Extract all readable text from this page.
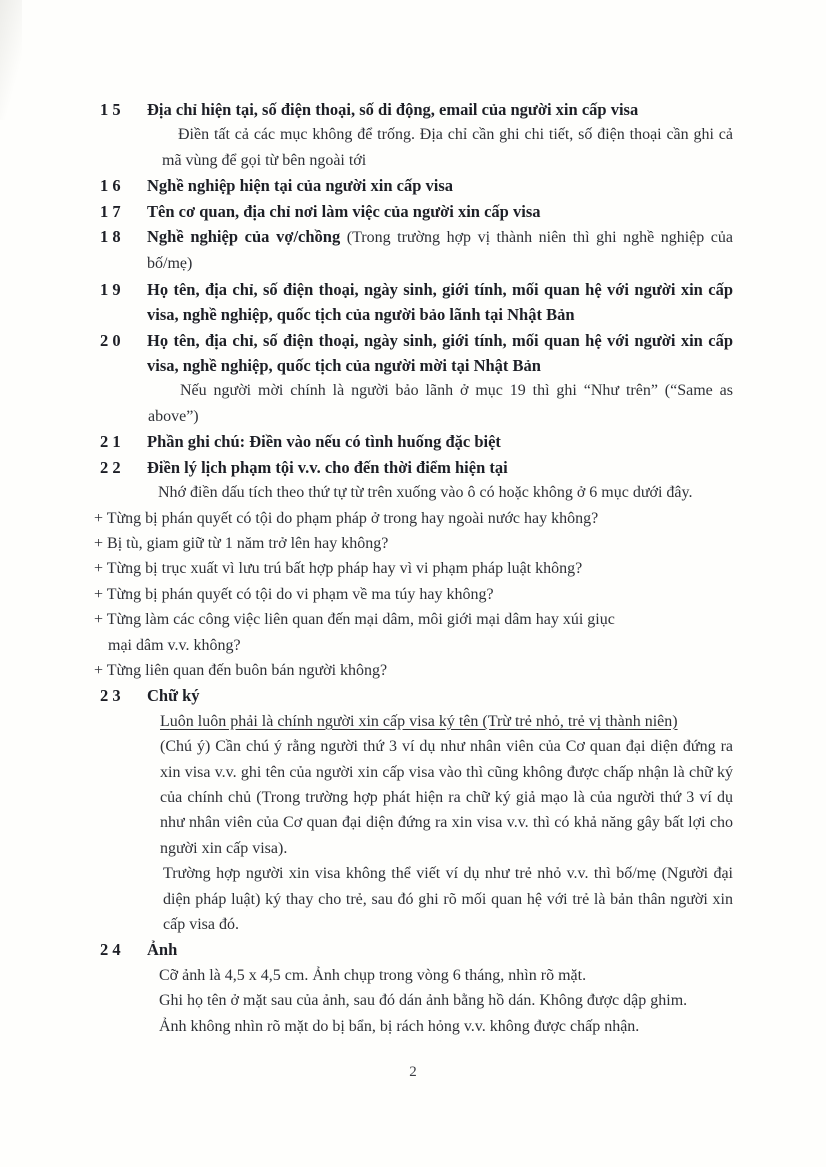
1 5 Địa chỉ hiện tại, số điện thoại, số di động, email của người xin cấp visa
Điền tất cả các mục không để trống. Địa chỉ cần ghi chi tiết, số điện thoại cần ghi cả mã vùng để gọi từ bên ngoài tới
1 6 Nghề nghiệp hiện tại của người xin cấp visa
1 7 Tên cơ quan, địa chỉ nơi làm việc của người xin cấp visa
1 8 Nghề nghiệp của vợ/chồng (Trong trường hợp vị thành niên thì ghi nghề nghiệp của bố/mẹ)
1 9 Họ tên, địa chỉ, số điện thoại, ngày sinh, giới tính, mối quan hệ với người xin cấp visa, nghề nghiệp, quốc tịch của người bảo lãnh tại Nhật Bản
2 0 Họ tên, địa chỉ, số điện thoại, ngày sinh, giới tính, mối quan hệ với người xin cấp visa, nghề nghiệp, quốc tịch của người mời tại Nhật Bản
Nếu người mời chính là người bảo lãnh ở mục 19 thì ghi “Như trên” (“Same as above”)
2 1 Phần ghi chú: Điền vào nếu có tình huống đặc biệt
2 2 Điền lý lịch phạm tội v.v. cho đến thời điểm hiện tại
Nhớ điền dấu tích theo thứ tự từ trên xuống vào ô có hoặc không ở 6 mục dưới đây.
+ Từng bị phán quyết có tội do phạm pháp ở trong hay ngoài nước hay không?
+ Bị tù, giam giữ từ 1 năm trở lên hay không?
+ Từng bị trục xuất vì lưu trú bất hợp pháp hay vì vi phạm pháp luật không?
+ Từng bị phán quyết có tội do vi phạm về ma túy hay không?
+ Từng làm các công việc liên quan đến mại dâm, môi giới mại dâm hay xúi giục
mại dâm v.v. không?
+ Từng liên quan đến buôn bán người không?
2 3 Chữ ký
Luôn luôn phải là chính người xin cấp visa ký tên (Trừ trẻ nhỏ, trẻ vị thành niên)
(Chú ý) Cần chú ý rằng người thứ 3 ví dụ như nhân viên của Cơ quan đại diện đứng ra xin visa v.v. ghi tên của người xin cấp visa vào thì cũng không được chấp nhận là chữ ký của chính chủ (Trong trường hợp phát hiện ra chữ ký giả mạo là của người thứ 3 ví dụ như nhân viên của Cơ quan đại diện đứng ra xin visa v.v. thì có khả năng gây bất lợi cho người xin cấp visa).
Trường hợp người xin visa không thể viết ví dụ như trẻ nhỏ v.v. thì bố/mẹ (Người đại diện pháp luật) ký thay cho trẻ, sau đó ghi rõ mối quan hệ với trẻ là bản thân người xin cấp visa đó.
2 4 Ảnh
Cỡ ảnh là 4,5 x 4,5 cm. Ảnh chụp trong vòng 6 tháng, nhìn rõ mặt.
Ghi họ tên ở mặt sau của ảnh, sau đó dán ảnh bằng hồ dán. Không được dập ghim.
Ảnh không nhìn rõ mặt do bị bẩn, bị rách hỏng v.v. không được chấp nhận.
2
